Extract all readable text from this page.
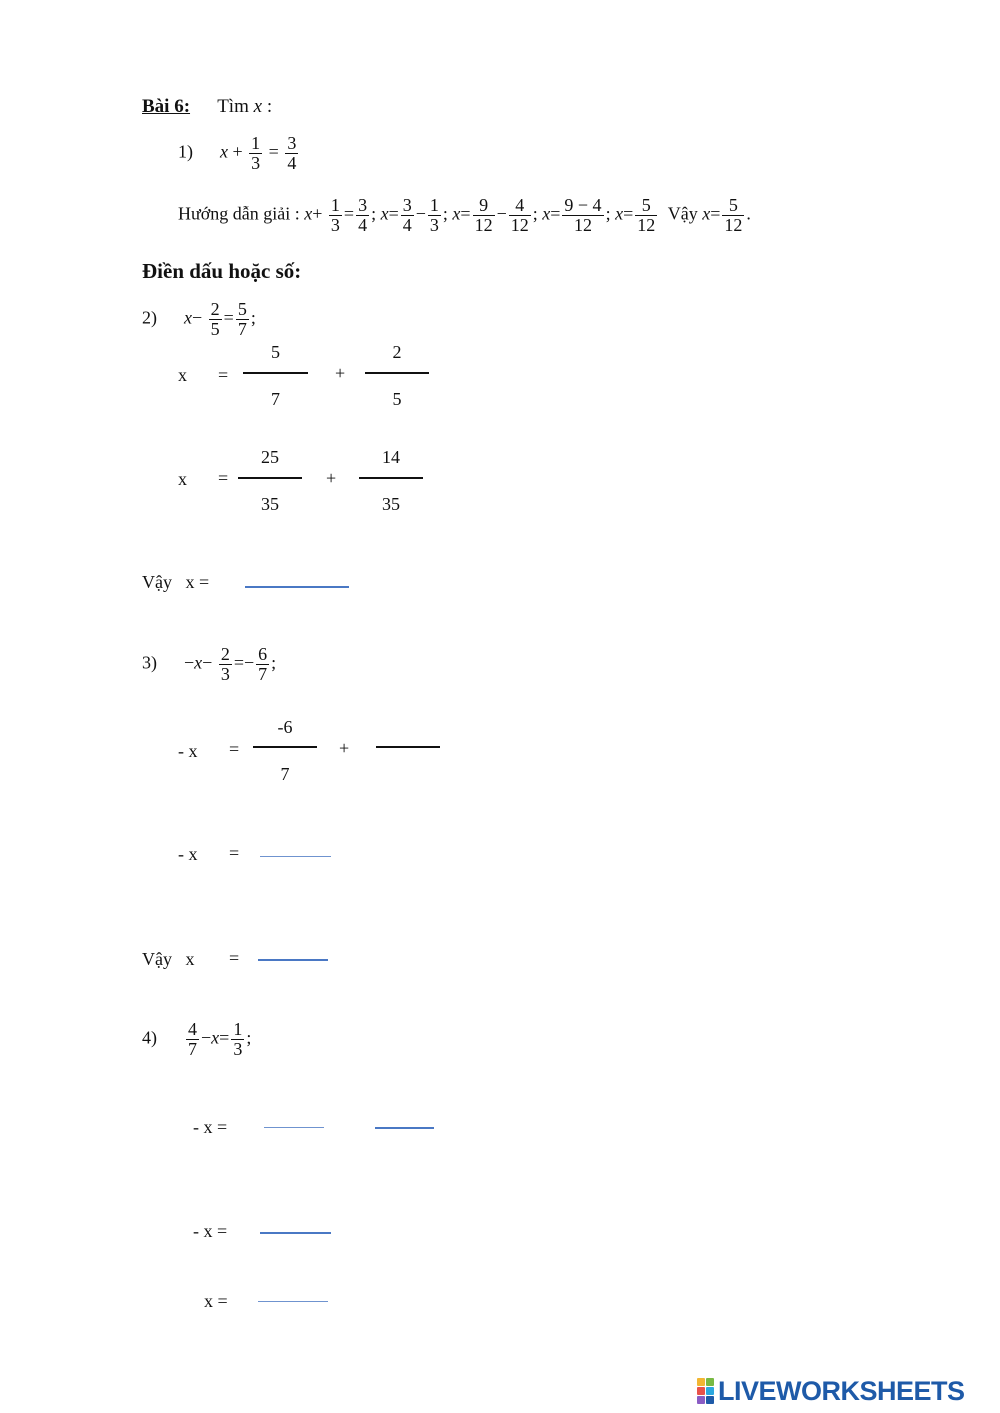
Bài 6: Tìm x :
1) $x + \frac{1}{3} = \frac{3}{4}$
Hướng dẫn giải : $x+ \frac{1}{3} = \frac{3}{4}$ ; $x= \frac{3}{4} - \frac{1}{3}$ ; $x= \frac{9}{12} - \frac{4}{12}$ ; $x= \frac{9 - 4}{12}$ ; $x= \frac{5}{12}$ Vậy $x= \frac{5}{12}$ .
Điền dấu hoặc số:
2) $x- \frac{2}{5} = \frac{5}{7}$ ;
x =
5
7
+
2
5
x =
25
35
+
14
35
Vậy   x =
$3) -x- \frac{2}{3} =- \frac{6}{7}$ ;
- x =
-6
7
+
- x =
Vậy   x =
$4) \frac{4}{7} -x= \frac{1}{3}$ ;
- x =
- x =
x =
LIVEWORKSHEETS
